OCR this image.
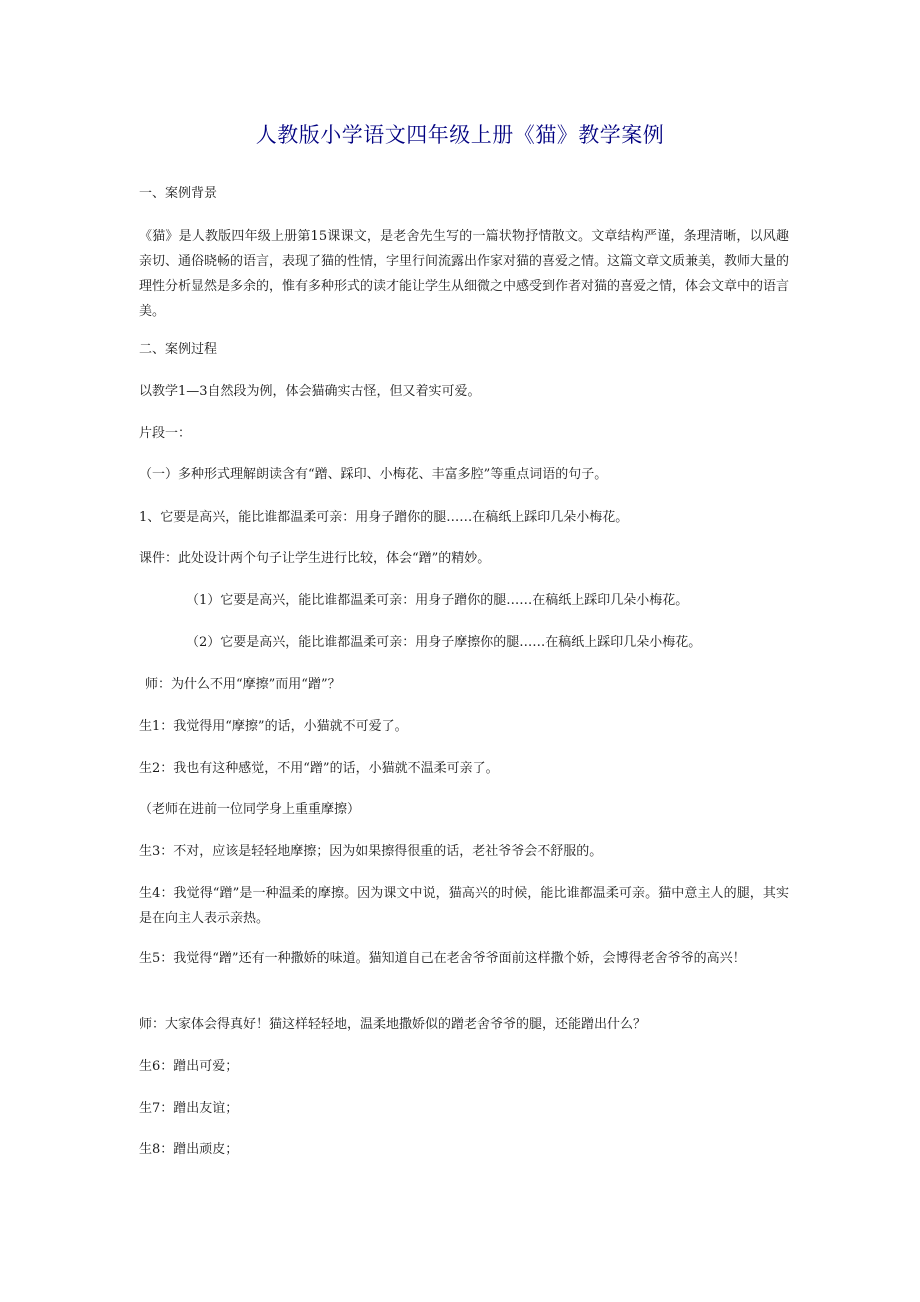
人教版小学语文四年级上册《猫》教学案例

一、案例背景

《猫》是人教版四年级上册第15课课文，是老舍先生写的一篇状物抒情散文。文章结构严谨，条理清晰，以风趣亲切、通俗晓畅的语言，表现了猫的性情，字里行间流露出作家对猫的喜爱之情。这篇文章文质兼美，教师大量的理性分析显然是多余的，惟有多种形式的读才能让学生从细微之中感受到作者对猫的喜爱之情，体会文章中的语言美。

二、案例过程

以教学1—3自然段为例，体会猫确实古怪，但又着实可爱。

片段一：

（一）多种形式理解朗读含有“蹭、踩印、小梅花、丰富多腔”等重点词语的句子。

1、它要是高兴，能比谁都温柔可亲：用身子蹭你的腿……在稿纸上踩印几朵小梅花。

课件：此处设计两个句子让学生进行比较，体会“蹭”的精妙。

（1）它要是高兴，能比谁都温柔可亲：用身子蹭你的腿……在稿纸上踩印几朵小梅花。

（2）它要是高兴，能比谁都温柔可亲：用身子摩擦你的腿……在稿纸上踩印几朵小梅花。

师：为什么不用“摩擦”而用“蹭”？

生1：我觉得用“摩擦”的话，小猫就不可爱了。

生2：我也有这种感觉，不用“蹭”的话，小猫就不温柔可亲了。

（老师在进前一位同学身上重重摩擦）

生3：不对，应该是轻轻地摩擦；因为如果擦得很重的话，老社爷爷会不舒服的。

生4：我觉得“蹭”是一种温柔的摩擦。因为课文中说，猫高兴的时候，能比谁都温柔可亲。猫中意主人的腿，其实是在向主人表示亲热。

生5：我觉得“蹭”还有一种撒娇的味道。猫知道自己在老舍爷爷面前这样撒个娇，会博得老舍爷爷的高兴！

师：大家体会得真好！猫这样轻轻地，温柔地撒娇似的蹭老舍爷爷的腿，还能蹭出什么？

生6：蹭出可爱；

生7：蹭出友谊；

生8：蹭出顽皮；
